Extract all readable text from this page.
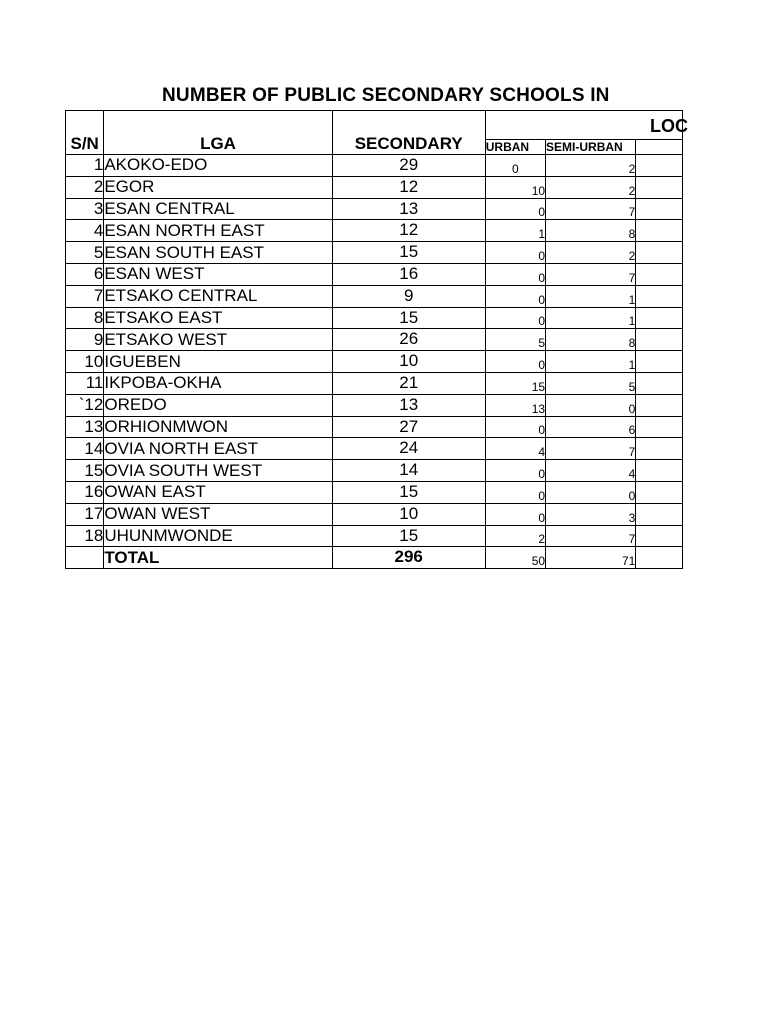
NUMBER OF PUBLIC SECONDARY SCHOOLS IN
LOC
S/N	LGA	SECONDARY			
			URBAN	SEMI-URBAN	
1	AKOKO-EDO	29	0	2	
2	EGOR	12	10	2	
3	ESAN CENTRAL	13	0	7	
4	ESAN NORTH EAST	12	1	8	
5	ESAN SOUTH EAST	15	0	2	
6	ESAN WEST	16	0	7	
7	ETSAKO CENTRAL	9	0	1	
8	ETSAKO EAST	15	0	1	
9	ETSAKO WEST	26	5	8	
10	IGUEBEN	10	0	1	
11	IKPOBA-OKHA	21	15	5	
`12	OREDO	13	13	0	
13	ORHIONMWON	27	0	6	
14	OVIA NORTH EAST	24	4	7	
15	OVIA SOUTH WEST	14	0	4	
16	OWAN EAST	15	0	0	
17	OWAN WEST	10	0	3	
18	UHUNMWONDE	15	2	7	
	TOTAL	296	50	71	
